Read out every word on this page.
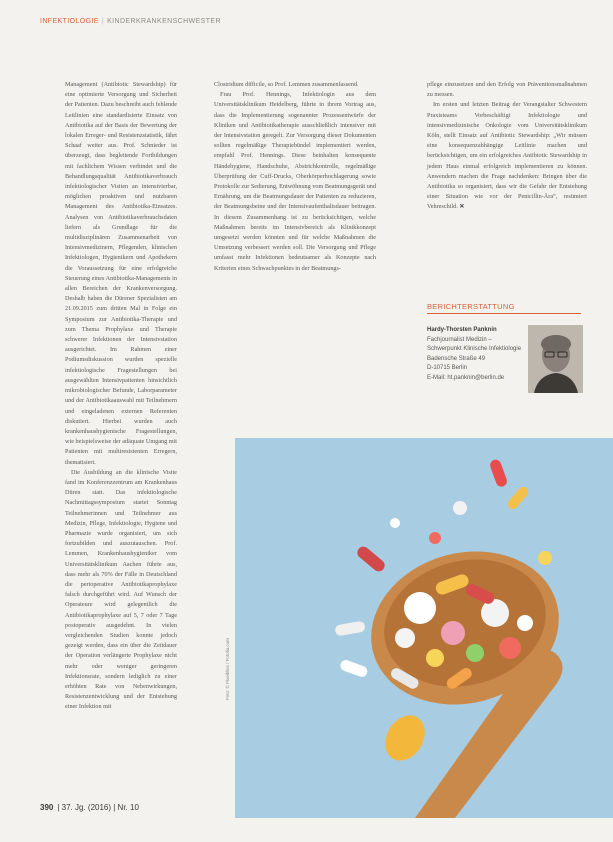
INFEKTIOLOGIE | KINDERKRANKENSCHWESTER

Management (Antibiotic Stewardship) für eine optimierte Versorgung und Sicherheit der Patienten. Dazu beschreibt auch fehlende Leitlinien eine standardisierte Einsatz von Antibiotika auf der Basis der Bewertung der lokalen Erreger- und Resistenzstatistik, fährt Schaaf weiter aus. Prof. Schnieder ist überzeugt, dass begleitende Fortbildungen mit fachlichem Wissen verbindet und die Behandlungsqualität Antibiotikaverbrauch infektiologischer Visiten an intensivierbar, möglichen proaktiven und nutzbaren Management des Antibiotika-Einsatzes. Analysen von Antibiotikaverbrauchsdaten liefern als Grundlage für die multidisziplinären Zusammenarbeit von Intensivmedizinern, Pflegenden, klinischen Infektiologen, Hygienikern und Apothekern die Voraussetzung für eine erfolgreiche Steuerung eines Antibiotika-Managements in allen Bereichen der Krankenversorgung. Deshalb haben die Dürener Spezialisten am 21.09.2015 zum dritten Mal in Folge ein Symposium zur Antibiotika-Therapie und zum Thema Prophylaxe und Therapie schwerer Infektionen der Intensivstation ausgerichtet. Im Rahmen einer Podiumsdiskussion wurden spezielle infektiologische Fragestellungen bei ausgewählten Intensivpatienten hinsichtlich mikrobiologischer Befunde, Laborparameter und der Antibiotikaauswahl mit Teilnehmern und eingeladenen externen Referenten diskutiert. Hierbei wurden auch krankenhaushygienische Fragestellungen, wie beispielsweise der adäquate Umgang mit Patienten mit multiresistenten Erregern, thematisiert.

Die Ausbildung an die klinische Visite fand im Konferenzzentrum am Krankenhaus Düren statt. Das infektiologische Nachmittagssymposium startet Sonntag Teilnehmerinnen und Teilnehmer aus Medizin, Pflege, Infektiologie, Hygiene und Pharmazie wurde organisiert, um sich fortzubilden und auszutauschen. Prof. Lemmen, Krankenhaushygieniker vom Universitätsklinikum Aachen führte aus, dass mehr als 70% der Fälle in Deutschland die perioperative Antibiotikaprophylaxe falsch durchgeführt wird. Auf Wunsch der Operateure wird gelegentlich die Antibiotikaprophylaxe auf 5, 7 oder 7 Tage postoperativ ausgedehnt. In vielen vergleichenden Studien konnte jedoch gezeigt werden, dass ein über die Zeitdauer der Operation verlängerte Prophylaxe nicht mehr oder weniger geringeren Infektionsrate, sondern lediglich zu einer erhöhten Rate von Nebenwirkungen, Resistenzentwicklung und der Entstehung einer Infektion mit

Clostridium difficile, so Prof. Lemmen zusammenfassend.

Frau Prof. Hennings, Infektiologin aus dem Universitätsklinikum Heidelberg, führte in ihrem Vortrag aus, dass die Implementierung sogenannter Prozessentwürfe der Kliniken und Antibiotikatherapie ausschließlich intensiver mit der Intensivstation geregelt. Zur Versorgung dieser Dokumenten sollten regelmäßige Therapiebündel implementiert werden, empfahl Prof. Hennings. Diese beinhalten konsequente Händehygiene, Handschuhe, Abstrichkontrolle, regelmäßige Überprüfung der Cuff-Drucks, Oberkörperhochlagerung sowie Protokolle zur Sedierung, Entwöhnung vom Beatmungsgerät und Ernährung, um die Beatmungsdauer der Patienten zu reduzieren, der Beatmungsbeine und der Intensivaufenthaltsdauer beitragen. In diesem Zusammenhang ist zu berücksichtigen, welche Maßnahmen bereits im Intensivbereich als Klinikkonzept umgesetzt werden könnten und für welche Maßnahmen die Umsetzung verbessert werden soll. Die Versorgung und Pflege umfasst mehr Infektionen bedeutsamer als Konzepte nach Kriterien eines Schwachpunktes in der Beatmungs-

pflege einzusetzen und den Erfolg von Präventionsmaßnahmen zu messen.

Im ersten und letzten Beitrag der Verangstalter Schwestern Praxisteams Vorbeschäftigt Infektiologie und intensivmedizinische Onkologie vom Universitätsklinikum Köln, stellt Einsatz auf Antibiotic Stewardship: „Wir müssen eine konsequenzabhängige Leitlinie machen und berücksichtigen, um ein erfolgreiches Antibiotic Stewardship in jedem Haus einmal erfolgreich implementieren zu können. Anwendern machen die Frage nachdenken: Bringen über die Antibiotika so organisiert, dass wir die Gefahr der Entstehung einer Situation wie vor der Penicillin-Ära“, resümiert Vehreschild. ✕

BERICHTERSTATTUNG
Hardy-Thorsten Panknin
Fachjournalist Medizin – Schwerpunkt Klinische Infektiologie
Badensche Straße 49
D-10715 Berlin
E-Mail: ht.panknin@berlin.de
Foto: © Pixelbliss / Fotolia.com
390 | 37. Jg. (2016) | Nr. 10
